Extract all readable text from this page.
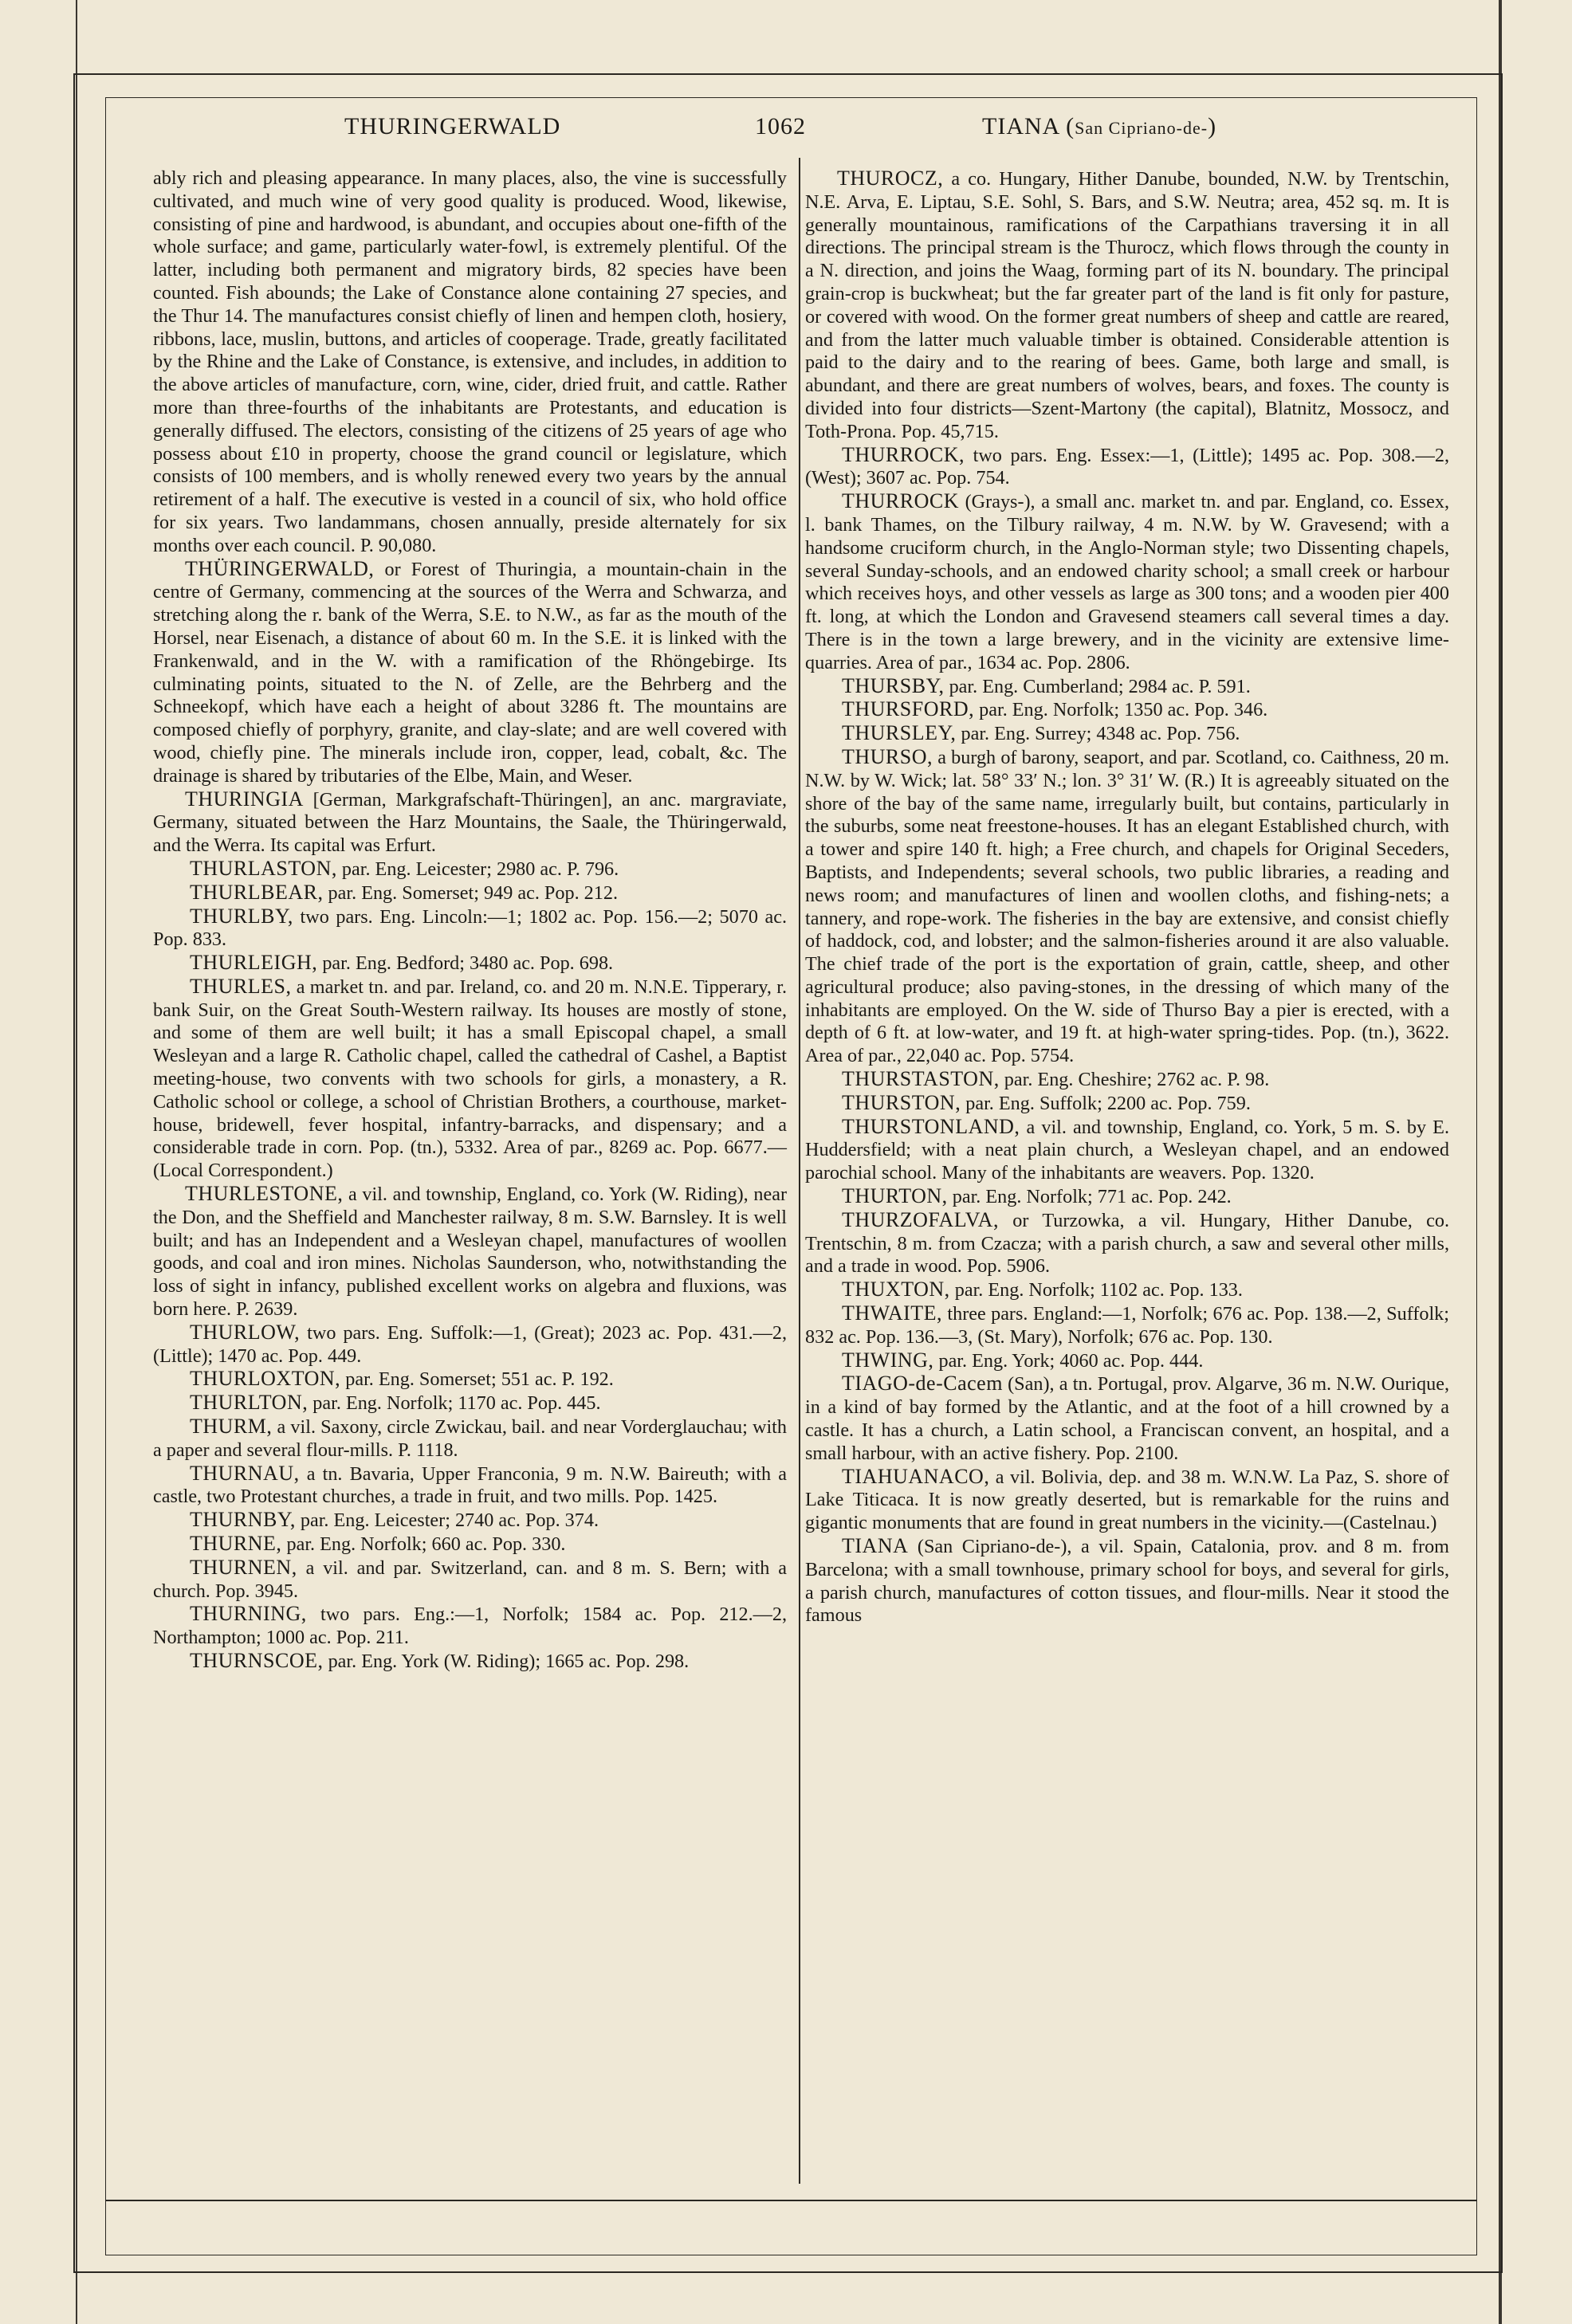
THURINGERWALD	1062	TIANA (San Cipriano-de-)

ably rich and pleasing appearance. In many places, also, the vine is successfully cultivated, and much wine of very good quality is produced. Wood, likewise, consisting of pine and hardwood, is abundant, and occupies about one-fifth of the whole surface; and game, particularly water-fowl, is extremely plentiful. Of the latter, including both permanent and migratory birds, 82 species have been counted. Fish abounds; the Lake of Constance alone containing 27 species, and the Thur 14. The manufactures consist chiefly of linen and hempen cloth, hosiery, ribbons, lace, muslin, buttons, and articles of cooperage. Trade, greatly facilitated by the Rhine and the Lake of Constance, is extensive, and includes, in addition to the above articles of manufacture, corn, wine, cider, dried fruit, and cattle. Rather more than three-fourths of the inhabitants are Protestants, and education is generally diffused. The electors, consisting of the citizens of 25 years of age who possess about £10 in property, choose the grand council or legislature, which consists of 100 members, and is wholly renewed every two years by the annual retirement of a half. The executive is vested in a council of six, who hold office for six years. Two landammans, chosen annually, preside alternately for six months over each council. P. 90,080.

THÜRINGERWALD, or Forest of Thuringia, a mountain-chain in the centre of Germany, commencing at the sources of the Werra and Schwarza, and stretching along the r. bank of the Werra, S.E. to N.W., as far as the mouth of the Horsel, near Eisenach, a distance of about 60 m. In the S.E. it is linked with the Frankenwald, and in the W. with a ramification of the Rhöngebirge. Its culminating points, situated to the N. of Zelle, are the Behrberg and the Schneekopf, which have each a height of about 3286 ft. The mountains are composed chiefly of porphyry, granite, and clay-slate; and are well covered with wood, chiefly pine. The minerals include iron, copper, lead, cobalt, &c. The drainage is shared by tributaries of the Elbe, Main, and Weser.

THURINGIA [German, Markgrafschaft-Thüringen], an anc. margraviate, Germany, situated between the Harz Mountains, the Saale, the Thüringerwald, and the Werra. Its capital was Erfurt.

THURLASTON, par. Eng. Leicester; 2980 ac. P. 796.

THURLBEAR, par. Eng. Somerset; 949 ac. Pop. 212.

THURLBY, two pars. Eng. Lincoln:—1; 1802 ac. Pop. 156.—2; 5070 ac. Pop. 833.

THURLEIGH, par. Eng. Bedford; 3480 ac. Pop. 698.

THURLES, a market tn. and par. Ireland, co. and 20 m. N.N.E. Tipperary, r. bank Suir, on the Great South-Western railway. Its houses are mostly of stone, and some of them are well built; it has a small Episcopal chapel, a small Wesleyan and a large R. Catholic chapel, called the cathedral of Cashel, a Baptist meeting-house, two convents with two schools for girls, a monastery, a R. Catholic school or college, a school of Christian Brothers, a courthouse, market-house, bridewell, fever hospital, infantry-barracks, and dispensary; and a considerable trade in corn. Pop. (tn.), 5332. Area of par., 8269 ac. Pop. 6677.—(Local Correspondent.)

THURLESTONE, a vil. and township, England, co. York (W. Riding), near the Don, and the Sheffield and Manchester railway, 8 m. S.W. Barnsley. It is well built; and has an Independent and a Wesleyan chapel, manufactures of woollen goods, and coal and iron mines. Nicholas Saunderson, who, notwithstanding the loss of sight in infancy, published excellent works on algebra and fluxions, was born here. P. 2639.

THURLOW, two pars. Eng. Suffolk:—1, (Great); 2023 ac. Pop. 431.—2, (Little); 1470 ac. Pop. 449.

THURLOXTON, par. Eng. Somerset; 551 ac. P. 192.

THURLTON, par. Eng. Norfolk; 1170 ac. Pop. 445.

THURM, a vil. Saxony, circle Zwickau, bail. and near Vorderglauchau; with a paper and several flour-mills. P. 1118.

THURNAU, a tn. Bavaria, Upper Franconia, 9 m. N.W. Baireuth; with a castle, two Protestant churches, a trade in fruit, and two mills. Pop. 1425.

THURNBY, par. Eng. Leicester; 2740 ac. Pop. 374.

THURNE, par. Eng. Norfolk; 660 ac. Pop. 330.

THURNEN, a vil. and par. Switzerland, can. and 8 m. S. Bern; with a church. Pop. 3945.

THURNING, two pars. Eng.:—1, Norfolk; 1584 ac. Pop. 212.—2, Northampton; 1000 ac. Pop. 211.

THURNSCOE, par. Eng. York (W. Riding); 1665 ac. Pop. 298.

THUROCZ, a co. Hungary, Hither Danube, bounded, N.W. by Trentschin, N.E. Arva, E. Liptau, S.E. Sohl, S. Bars, and S.W. Neutra; area, 452 sq. m. It is generally mountainous, ramifications of the Carpathians traversing it in all directions. The principal stream is the Thurocz, which flows through the county in a N. direction, and joins the Waag, forming part of its N. boundary. The principal grain-crop is buckwheat; but the far greater part of the land is fit only for pasture, or covered with wood. On the former great numbers of sheep and cattle are reared, and from the latter much valuable timber is obtained. Considerable attention is paid to the dairy and to the rearing of bees. Game, both large and small, is abundant, and there are great numbers of wolves, bears, and foxes. The county is divided into four districts—Szent-Martony (the capital), Blatnitz, Mossocz, and Toth-Prona. Pop. 45,715.

THURROCK, two pars. Eng. Essex:—1, (Little); 1495 ac. Pop. 308.—2, (West); 3607 ac. Pop. 754.

THURROCK (Grays-), a small anc. market tn. and par. England, co. Essex, l. bank Thames, on the Tilbury railway, 4 m. N.W. by W. Gravesend; with a handsome cruciform church, in the Anglo-Norman style; two Dissenting chapels, several Sunday-schools, and an endowed charity school; a small creek or harbour which receives hoys, and other vessels as large as 300 tons; and a wooden pier 400 ft. long, at which the London and Gravesend steamers call several times a day. There is in the town a large brewery, and in the vicinity are extensive lime-quarries. Area of par., 1634 ac. Pop. 2806.

THURSBY, par. Eng. Cumberland; 2984 ac. P. 591.

THURSFORD, par. Eng. Norfolk; 1350 ac. Pop. 346.

THURSLEY, par. Eng. Surrey; 4348 ac. Pop. 756.

THURSO, a burgh of barony, seaport, and par. Scotland, co. Caithness, 20 m. N.W. by W. Wick; lat. 58° 33′ N.; lon. 3° 31′ W. (R.) It is agreeably situated on the shore of the bay of the same name, irregularly built, but contains, particularly in the suburbs, some neat freestone-houses. It has an elegant Established church, with a tower and spire 140 ft. high; a Free church, and chapels for Original Seceders, Baptists, and Independents; several schools, two public libraries, a reading and news room; and manufactures of linen and woollen cloths, and fishing-nets; a tannery, and rope-work. The fisheries in the bay are extensive, and consist chiefly of haddock, cod, and lobster; and the salmon-fisheries around it are also valuable. The chief trade of the port is the exportation of grain, cattle, sheep, and other agricultural produce; also paving-stones, in the dressing of which many of the inhabitants are employed. On the W. side of Thurso Bay a pier is erected, with a depth of 6 ft. at low-water, and 19 ft. at high-water spring-tides. Pop. (tn.), 3622. Area of par., 22,040 ac. Pop. 5754.

THURSTASTON, par. Eng. Cheshire; 2762 ac. P. 98.

THURSTON, par. Eng. Suffolk; 2200 ac. Pop. 759.

THURSTONLAND, a vil. and township, England, co. York, 5 m. S. by E. Huddersfield; with a neat plain church, a Wesleyan chapel, and an endowed parochial school. Many of the inhabitants are weavers. Pop. 1320.

THURTON, par. Eng. Norfolk; 771 ac. Pop. 242.

THURZOFALVA, or Turzowka, a vil. Hungary, Hither Danube, co. Trentschin, 8 m. from Czacza; with a parish church, a saw and several other mills, and a trade in wood. Pop. 5906.

THUXTON, par. Eng. Norfolk; 1102 ac. Pop. 133.

THWAITE, three pars. England:—1, Norfolk; 676 ac. Pop. 138.—2, Suffolk; 832 ac. Pop. 136.—3, (St. Mary), Norfolk; 676 ac. Pop. 130.

THWING, par. Eng. York; 4060 ac. Pop. 444.

TIAGO-de-Cacem (San), a tn. Portugal, prov. Algarve, 36 m. N.W. Ourique, in a kind of bay formed by the Atlantic, and at the foot of a hill crowned by a castle. It has a church, a Latin school, a Franciscan convent, an hospital, and a small harbour, with an active fishery. Pop. 2100.

TIAHUANACO, a vil. Bolivia, dep. and 38 m. W.N.W. La Paz, S. shore of Lake Titicaca. It is now greatly deserted, but is remarkable for the ruins and gigantic monuments that are found in great numbers in the vicinity.—(Castelnau.)

TIANA (San Cipriano-de-), a vil. Spain, Catalonia, prov. and 8 m. from Barcelona; with a small townhouse, primary school for boys, and several for girls, a parish church, manufactures of cotton tissues, and flour-mills. Near it stood the famous
